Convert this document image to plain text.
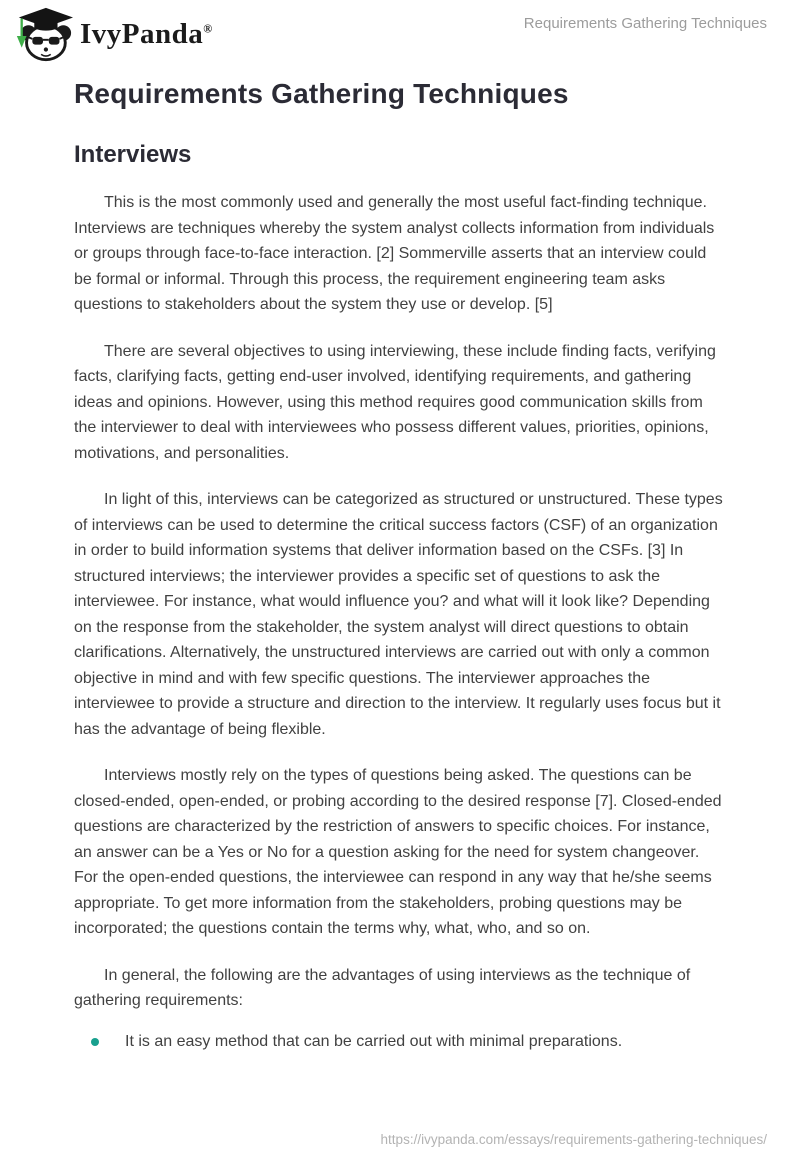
IvyPanda®	Requirements Gathering Techniques
Requirements Gathering Techniques
Interviews

This is the most commonly used and generally the most useful fact-finding technique. Interviews are techniques whereby the system analyst collects information from individuals or groups through face-to-face interaction. [2] Sommerville asserts that an interview could be formal or informal. Through this process, the requirement engineering team asks questions to stakeholders about the system they use or develop. [5]

There are several objectives to using interviewing, these include finding facts, verifying facts, clarifying facts, getting end-user involved, identifying requirements, and gathering ideas and opinions. However, using this method requires good communication skills from the interviewer to deal with interviewees who possess different values, priorities, opinions, motivations, and personalities.

In light of this, interviews can be categorized as structured or unstructured. These types of interviews can be used to determine the critical success factors (CSF) of an organization in order to build information systems that deliver information based on the CSFs. [3] In structured interviews; the interviewer provides a specific set of questions to ask the interviewee. For instance, what would influence you? and what will it look like? Depending on the response from the stakeholder, the system analyst will direct questions to obtain clarifications. Alternatively, the unstructured interviews are carried out with only a common objective in mind and with few specific questions. The interviewer approaches the interviewee to provide a structure and direction to the interview. It regularly uses focus but it has the advantage of being flexible.

Interviews mostly rely on the types of questions being asked. The questions can be closed-ended, open-ended, or probing according to the desired response [7]. Closed-ended questions are characterized by the restriction of answers to specific choices. For instance, an answer can be a Yes or No for a question asking for the need for system changeover. For the open-ended questions, the interviewee can respond in any way that he/she seems appropriate. To get more information from the stakeholders, probing questions may be incorporated; the questions contain the terms why, what, who, and so on.

In general, the following are the advantages of using interviews as the technique of gathering requirements:

It is an easy method that can be carried out with minimal preparations.
https://ivypanda.com/essays/requirements-gathering-techniques/
